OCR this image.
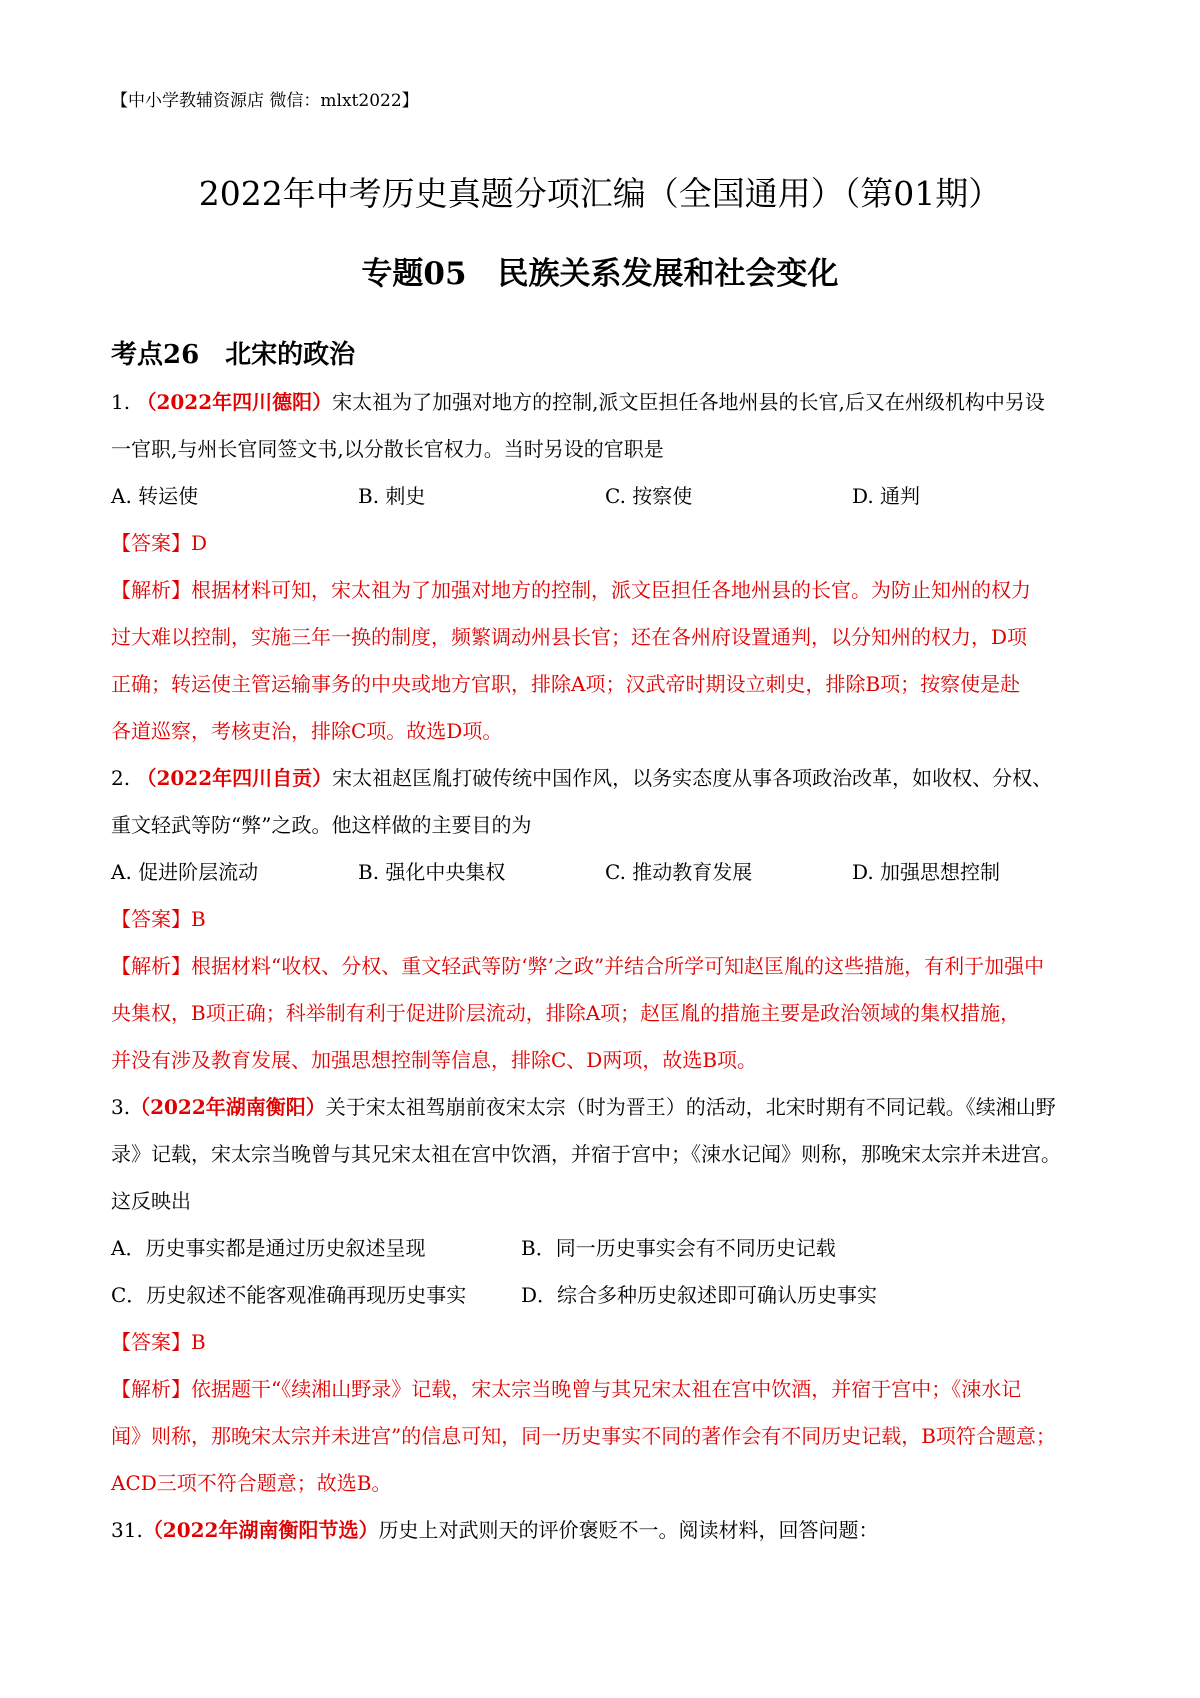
【中小学教辅资源店 微信：mlxt2022】
2022年中考历史真题分项汇编（全国通用）（第01期）
专题05　民族关系发展和社会变化
考点26　北宋的政治
1. （2022年四川德阳）宋太祖为了加强对地方的控制,派文臣担任各地州县的长官,后又在州级机构中另设
一官职,与州长官同签文书,以分散长官权力。当时另设的官职是
A. 转运使	B. 刺史	C. 按察使	D. 通判
【答案】D
【解析】根据材料可知，宋太祖为了加强对地方的控制，派文臣担任各地州县的长官。为防止知州的权力
过大难以控制，实施三年一换的制度，频繁调动州县长官；还在各州府设置通判，以分知州的权力，D项
正确；转运使主管运输事务的中央或地方官职，排除A项；汉武帝时期设立刺史，排除B项；按察使是赴
各道巡察，考核吏治，排除C项。故选D项。
2. （2022年四川自贡）宋太祖赵匡胤打破传统中国作风，以务实态度从事各项政治改革，如收权、分权、
重文轻武等防“弊”之政。他这样做的主要目的为
A. 促进阶层流动	B. 强化中央集权	C. 推动教育发展	D. 加强思想控制
【答案】B
【解析】根据材料“收权、分权、重文轻武等防‘弊’之政”并结合所学可知赵匡胤的这些措施，有利于加强中
央集权，B项正确；科举制有利于促进阶层流动，排除A项；赵匡胤的措施主要是政治领域的集权措施，
并没有涉及教育发展、加强思想控制等信息，排除C、D两项，故选B项。
3.（2022年湖南衡阳）关于宋太祖驾崩前夜宋太宗（时为晋王）的活动，北宋时期有不同记载。《续湘山野
录》记载，宋太宗当晚曾与其兄宋太祖在宫中饮酒，并宿于宫中；《涑水记闻》则称，那晚宋太宗并未进宫。
这反映出
A．历史事实都是通过历史叙述呈现	B．同一历史事实会有不同历史记载
C．历史叙述不能客观准确再现历史事实	D．综合多种历史叙述即可确认历史事实
【答案】B
【解析】依据题干“《续湘山野录》记载，宋太宗当晚曾与其兄宋太祖在宫中饮酒，并宿于宫中；《涑水记
闻》则称，那晚宋太宗并未进宫”的信息可知，同一历史事实不同的著作会有不同历史记载，B项符合题意；
ACD三项不符合题意；故选B。
31.（2022年湖南衡阳节选）历史上对武则天的评价褒贬不一。阅读材料，回答问题：
